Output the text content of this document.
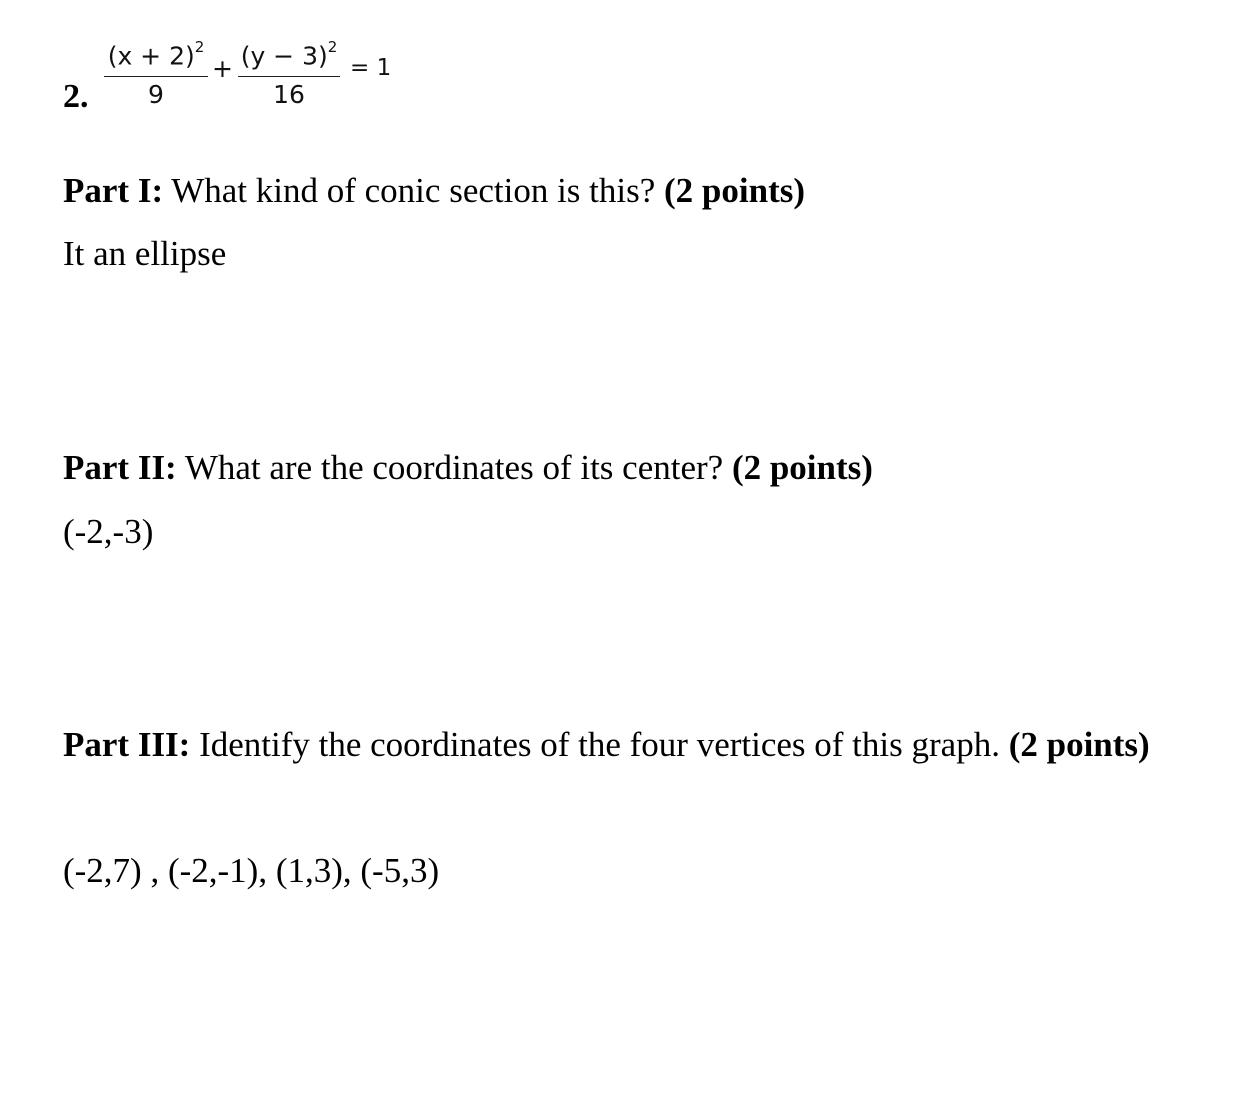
2. $\frac{(x + 2)^2}{9} + \frac{(y - 3)^2}{16} = 1$
Part I: What kind of conic section is this? (2 points)
It an ellipse
Part II: What are the coordinates of its center? (2 points)
(-2,-3)
Part III: Identify the coordinates of the four vertices of this graph. (2 points)
(-2,7) , (-2,-1), (1,3), (-5,3)
